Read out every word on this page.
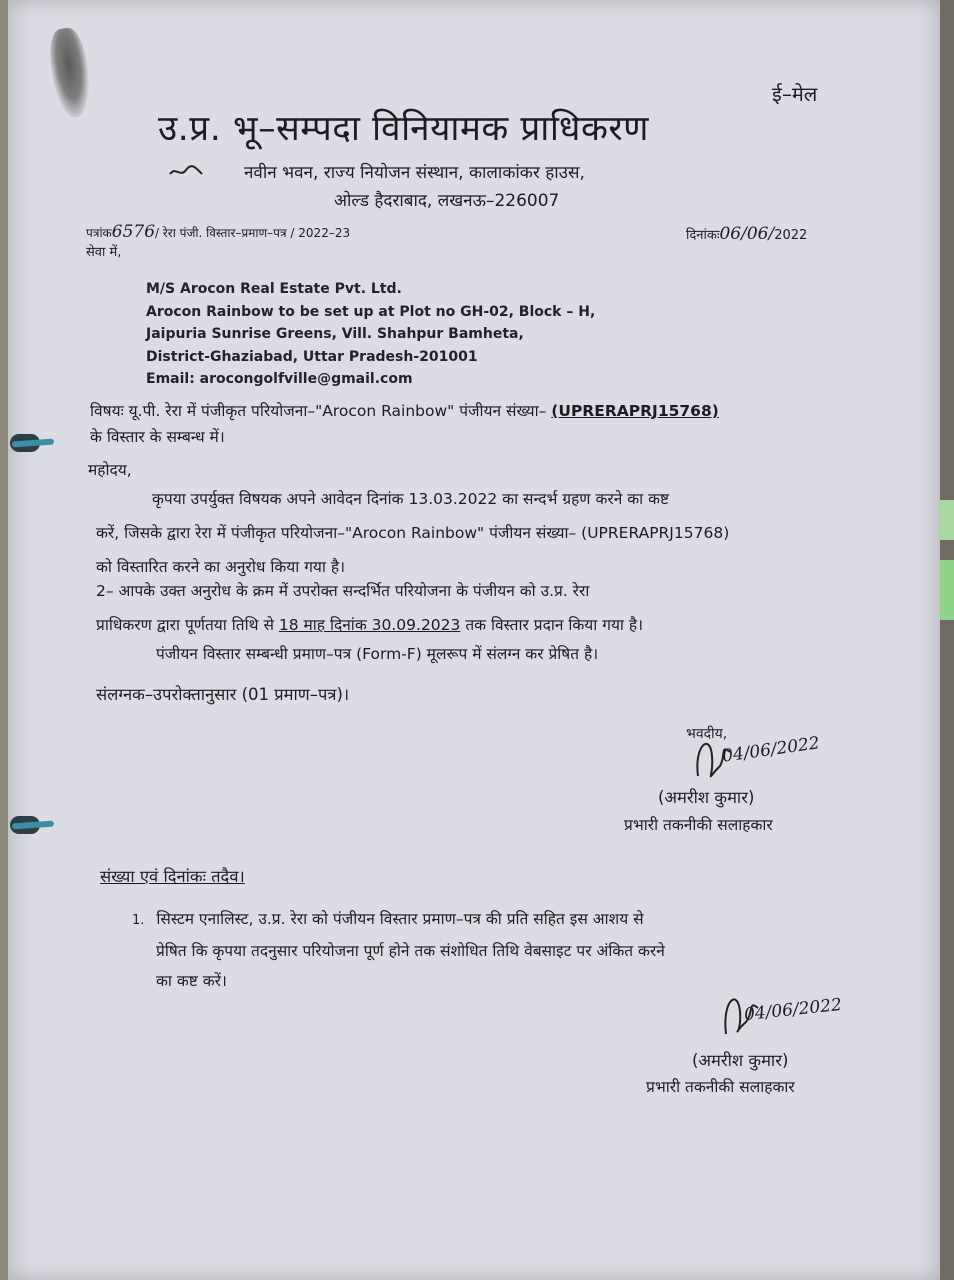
ई–मेल
उ.प्र. भू–सम्पदा विनियामक प्राधिकरण
नवीन भवन, राज्य नियोजन संस्थान, कालाकांकर हाउस,
ओल्ड हैदराबाद, लखनऊ–226007
पत्रांक6576/ रेरा पंजी. विस्तार–प्रमाण–पत्र / 2022–23	दिनांकः06/06/2022
सेवा में,
M/S Arocon Real Estate Pvt. Ltd.
Arocon Rainbow to be set up at Plot no GH-02, Block – H,
Jaipuria Sunrise Greens, Vill. Shahpur Bamheta,
District-Ghaziabad, Uttar Pradesh-201001
Email: arocongolfville@gmail.com
विषयः यू.पी. रेरा में पंजीकृत परियोजना–"Arocon Rainbow" पंजीयन संख्या– (UPRERAPRJ15768)
के विस्तार के सम्बन्ध में।
महोदय,
कृपया उपर्युक्त विषयक अपने आवेदन दिनांक 13.03.2022 का सन्दर्भ ग्रहण करने का कष्ट
करें, जिसके द्वारा रेरा में पंजीकृत परियोजना–"Arocon Rainbow" पंजीयन संख्या– (UPRERAPRJ15768)
को विस्तारित करने का अनुरोध किया गया है।
2– आपके उक्त अनुरोध के क्रम में उपरोक्त सन्दर्भित परियोजना के पंजीयन को उ.प्र. रेरा
प्राधिकरण द्वारा पूर्णतया तिथि से 18 माह दिनांक 30.09.2023 तक विस्तार प्रदान किया गया है।
पंजीयन विस्तार सम्बन्धी प्रमाण–पत्र (Form-F) मूलरूप में संलग्न कर प्रेषित है।
संलग्नक–उपरोक्तानुसार (01 प्रमाण–पत्र)।
भवदीय,
04/06/2022
(अमरीश कुमार)
प्रभारी तकनीकी सलाहकार
संख्या एवं दिनांकः तदैव।
1. सिस्टम एनालिस्ट, उ.प्र. रेरा को पंजीयन विस्तार प्रमाण–पत्र की प्रति सहित इस आशय से
प्रेषित कि कृपया तदनुसार परियोजना पूर्ण होने तक संशोधित तिथि वेबसाइट पर अंकित करने
का कष्ट करें।
04/06/2022
(अमरीश कुमार)
प्रभारी तकनीकी सलाहकार
